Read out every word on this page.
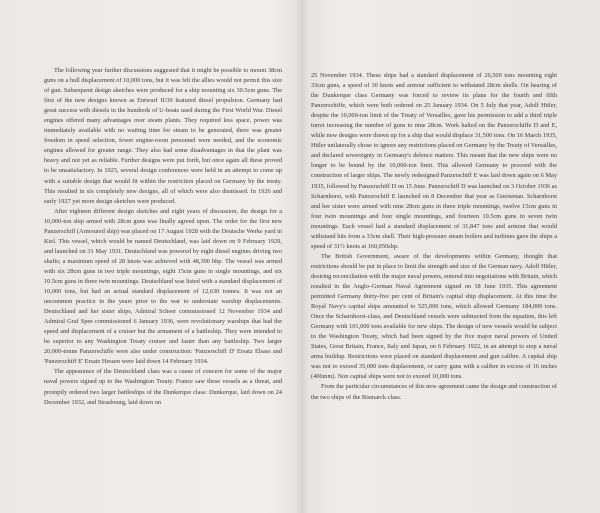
The following year further discussions suggested that it might be possible to mount 38cm guns on a hull displacement of 10,000 tons, but it was felt the allies would not permit this size of gun. Subsequent design sketches were produced for a ship mounting six 30.5cm guns. The first of the new designs known as Entwurf II/30 featured diesel propulsion. Germany had great success with diesels in the hundreds of U-boats used during the First World War. Diesel engines offered many advantages over steam plants. They required less space, power was immediately available with no waiting time for steam to be generated, there was greater freedom in speed selection, fewer engine-room personnel were needed, and the economic engines allowed for greater range. They also had some disadvantages in that the plant was heavy and not yet as reliable. Further designs were put forth, but once again all these proved to be unsatisfactory. In 1925, several design conferences were held in an attempt to come up with a suitable design that would fit within the restriction placed on Germany by the treaty. This resulted in six completely new designs, all of which were also dismissed. In 1926 and early 1927 yet more design sketches were produced.

After eighteen different design sketches and eight years of discussion, the design for a 10,000-ton ship armed with 28cm guns was finally agreed upon. The order for the first new Panzerschiff (Armoured ship) was placed on 17 August 1928 with the Deutsche Werke yard in Kiel. This vessel, which would be named Deutschland, was laid down on 9 February 1929, and launched on 31 May 1931. Deutschland was powered by eight diesel engines driving two shafts; a maximum speed of 28 knots was achieved with 48,390 bhp. The vessel was armed with six 28cm guns in two triple mountings, eight 15cm guns in single mountings, and six 10.5cm guns in three twin mountings. Deutschland was listed with a standard displacement of 10,000 tons, but had an actual standard displacement of 12,630 tonnes. It was not an uncommon practice in the years prior to the war to understate warship displacements. Deutschland and her sister ships, Admiral Scheer commissioned 12 November 1934 and Admiral Graf Spee commissioned 6 January 1936, were revolutionary warships that had the speed and displacement of a cruiser but the armament of a battleship. They were intended to be superior to any Washington Treaty cruiser and faster than any battleship. Two larger 20,000-tonne Panzerschiffe were also under construction: 'Panzerschiff D' Ersatz Elsass and 'Panzerschiff E' Ersatz Hessen were laid down 14 February 1934.

The appearance of the Deutschland class was a cause of concern for some of the major naval powers signed up to the Washington Treaty. France saw these vessels as a threat, and promptly ordered two larger battleships of the Dunkerque class: Dunkerque, laid down on 24 December 1932, and Strasbourg, laid down on

25 November 1934. These ships had a standard displacement of 26,500 tons mounting eight 33cm guns, a speed of 30 knots and armour sufficient to withstand 28cm shells. On hearing of the Dunkerque class Germany was forced to review its plans for the fourth and fifth Panzerschiffe, which were both ordered on 25 January 1934. On 5 July that year, Adolf Hitler, despite the 10,000-ton limit of the Treaty of Versailles, gave his permission to add a third triple turret increasing the number of guns to nine 28cm. Work halted on the Panzerschiffe D and E, while new designs were drawn up for a ship that would displace 31,500 tons. On 16 March 1935, Hitler unilaterally chose to ignore any restrictions placed on Germany by the Treaty of Versailles, and declared sovereignty in Germany's defence matters. This meant that the new ships were no longer to be bound by the 10,000-ton limit. This allowed Germany to proceed with the construction of larger ships. The newly redesigned Panzerschiff E was laid down again on 6 May 1935, followed by Panzerschiff D on 15 June. Panzerschiff D was launched on 3 October 1936 as Scharnhorst, with Panzerschiff E launched on 8 December that year as Gneisenau. Scharnhorst and her sister were armed with nine 28cm guns in three triple mountings, twelve 15cm guns in four twin mountings and four single mountings, and fourteen 10.5cm guns in seven twin mountings. Each vessel had a standard displacement of 31,847 tons and armour that would withstand hits from a 33cm shell. Their high-pressure steam boilers and turbines gave the ships a speed of 31½ knots at 160,050shp.

The British Government, aware of the developments within Germany, thought that restrictions should be put in place to limit the strength and size of the German navy. Adolf Hitler, desiring reconciliation with the major naval powers, entered into negotiations with Britain, which resulted in the Anglo–German Naval Agreement signed on 18 June 1935. This agreement permitted Germany thirty-five per cent of Britain's capital ship displacement. At this time the Royal Navy's capital ships amounted to 525,000 tons, which allowed Germany 184,000 tons. Once the Scharnhorst-class, and Deutschland vessels were subtracted from the equation, this left Germany with 101,000 tons available for new ships. The design of new vessels would be subject to the Washington Treaty, which had been signed by the five major naval powers of United States, Great Britain, France, Italy and Japan, on 6 February 1922, in an attempt to stop a naval arms buildup. Restrictions were placed on standard displacement and gun calibre. A capital ship was not to exceed 35,000 tons displacement, or carry guns with a calibre in excess of 16 inches (406mm). Non capital ships were not to exceed 10,000 tons.

From the particular circumstances of this new agreement came the design and construction of the two ships of the Bismarck class.
